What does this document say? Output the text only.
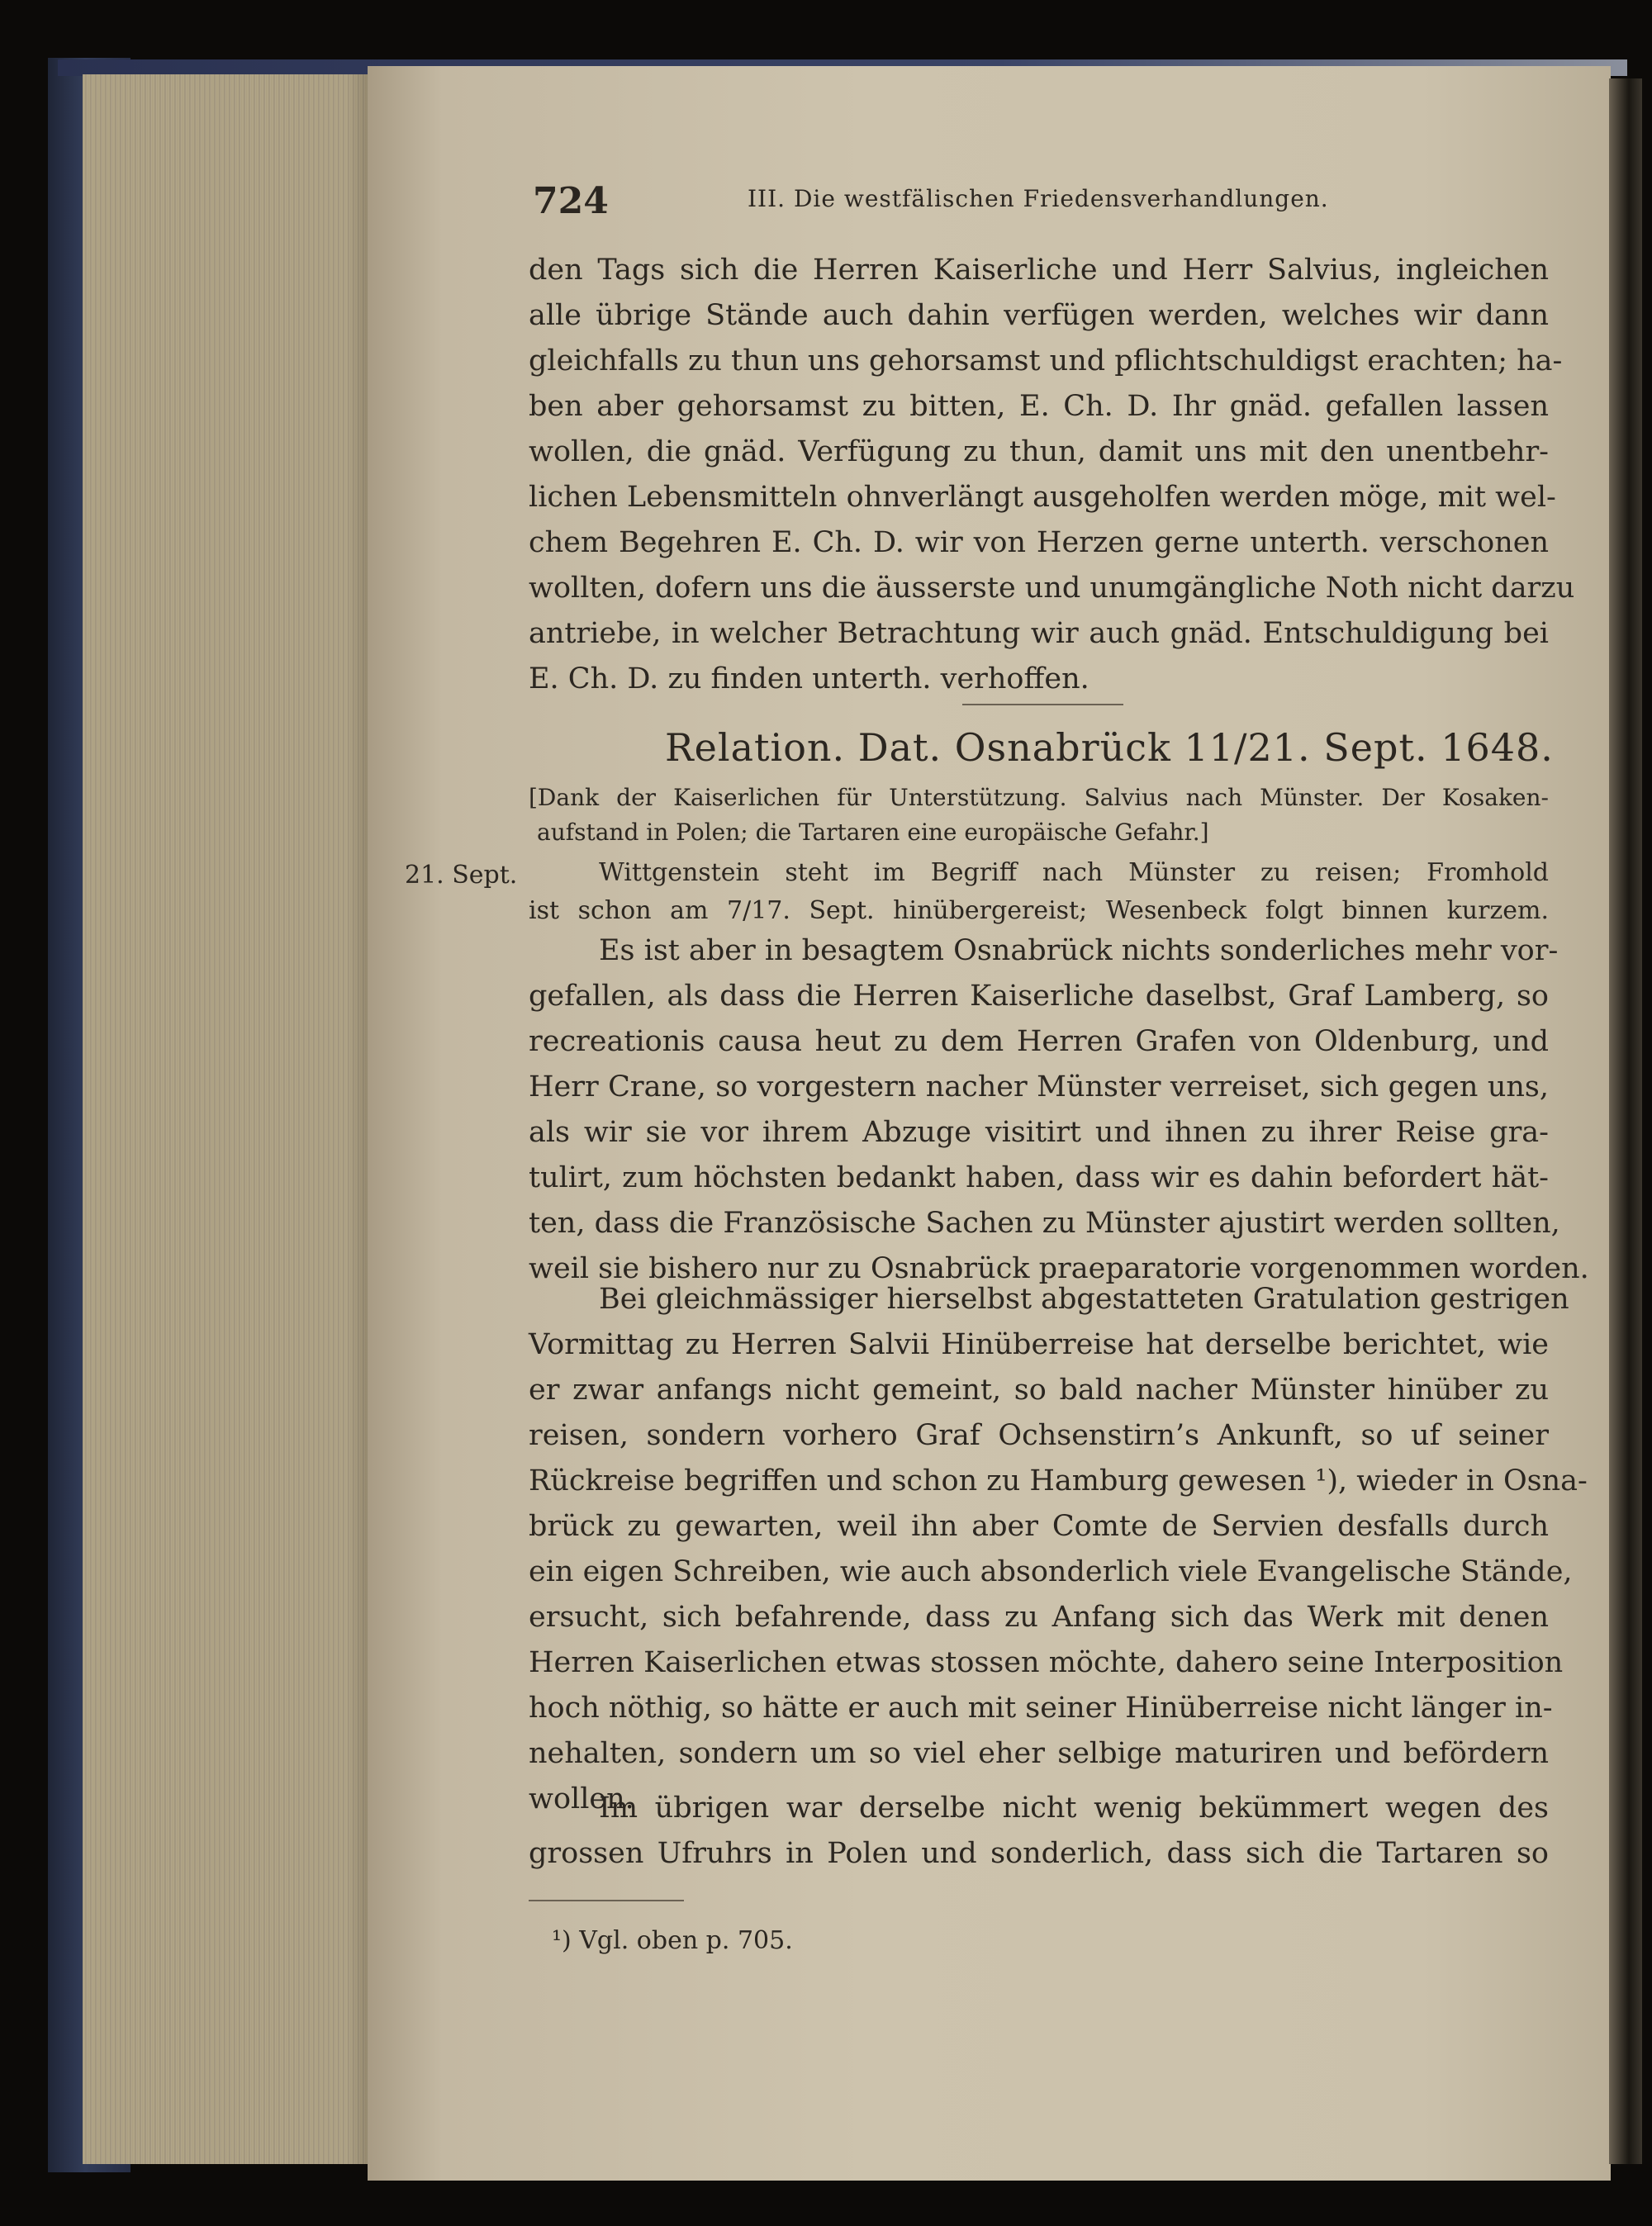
724	III. Die westfälischen Friedensverhandlungen.
den Tags sich die Herren Kaiserliche und Herr Salvius, ingleichen
alle übrige Stände auch dahin verfügen werden, welches wir dann
gleichfalls zu thun uns gehorsamst und pflichtschuldigst erachten; ha-
ben aber gehorsamst zu bitten, E. Ch. D. Ihr gnäd. gefallen lassen
wollen, die gnäd. Verfügung zu thun, damit uns mit den unentbehr-
lichen Lebensmitteln ohnverlängt ausgeholfen werden möge, mit wel-
chem Begehren E. Ch. D. wir von Herzen gerne unterth. verschonen
wollten, dofern uns die äusserste und unumgängliche Noth nicht darzu
antriebe, in welcher Betrachtung wir auch gnäd. Entschuldigung bei
E. Ch. D. zu finden unterth. verhoffen.
Relation. Dat. Osnabrück 11/21. Sept. 1648.
[Dank der Kaiserlichen für Unterstützung. Salvius nach Münster. Der Kosaken-
aufstand in Polen; die Tartaren eine europäische Gefahr.]
21. Sept.	Wittgenstein steht im Begriff nach Münster zu reisen; Fromhold
ist schon am 7/17. Sept. hinübergereist; Wesenbeck folgt binnen kurzem.
Es ist aber in besagtem Osnabrück nichts sonderliches mehr vor-
gefallen, als dass die Herren Kaiserliche daselbst, Graf Lamberg, so
recreationis causa heut zu dem Herren Grafen von Oldenburg, und
Herr Crane, so vorgestern nacher Münster verreiset, sich gegen uns,
als wir sie vor ihrem Abzuge visitirt und ihnen zu ihrer Reise gra-
tulirt, zum höchsten bedankt haben, dass wir es dahin befordert hät-
ten, dass die Französische Sachen zu Münster ajustirt werden sollten,
weil sie bishero nur zu Osnabrück praeparatorie vorgenommen worden.
Bei gleichmässiger hierselbst abgestatteten Gratulation gestrigen
Vormittag zu Herren Salvii Hinüberreise hat derselbe berichtet, wie
er zwar anfangs nicht gemeint, so bald nacher Münster hinüber zu
reisen, sondern vorhero Graf Ochsenstirn’s Ankunft, so uf seiner
Rückreise begriffen und schon zu Hamburg gewesen ¹), wieder in Osna-
brück zu gewarten, weil ihn aber Comte de Servien desfalls durch
ein eigen Schreiben, wie auch absonderlich viele Evangelische Stände,
ersucht, sich befahrende, dass zu Anfang sich das Werk mit denen
Herren Kaiserlichen etwas stossen möchte, dahero seine Interposition
hoch nöthig, so hätte er auch mit seiner Hinüberreise nicht länger in-
nehalten, sondern um so viel eher selbige maturiren und befördern
wollen.
Im übrigen war derselbe nicht wenig bekümmert wegen des
grossen Ufruhrs in Polen und sonderlich, dass sich die Tartaren so
¹) Vgl. oben p. 705.
